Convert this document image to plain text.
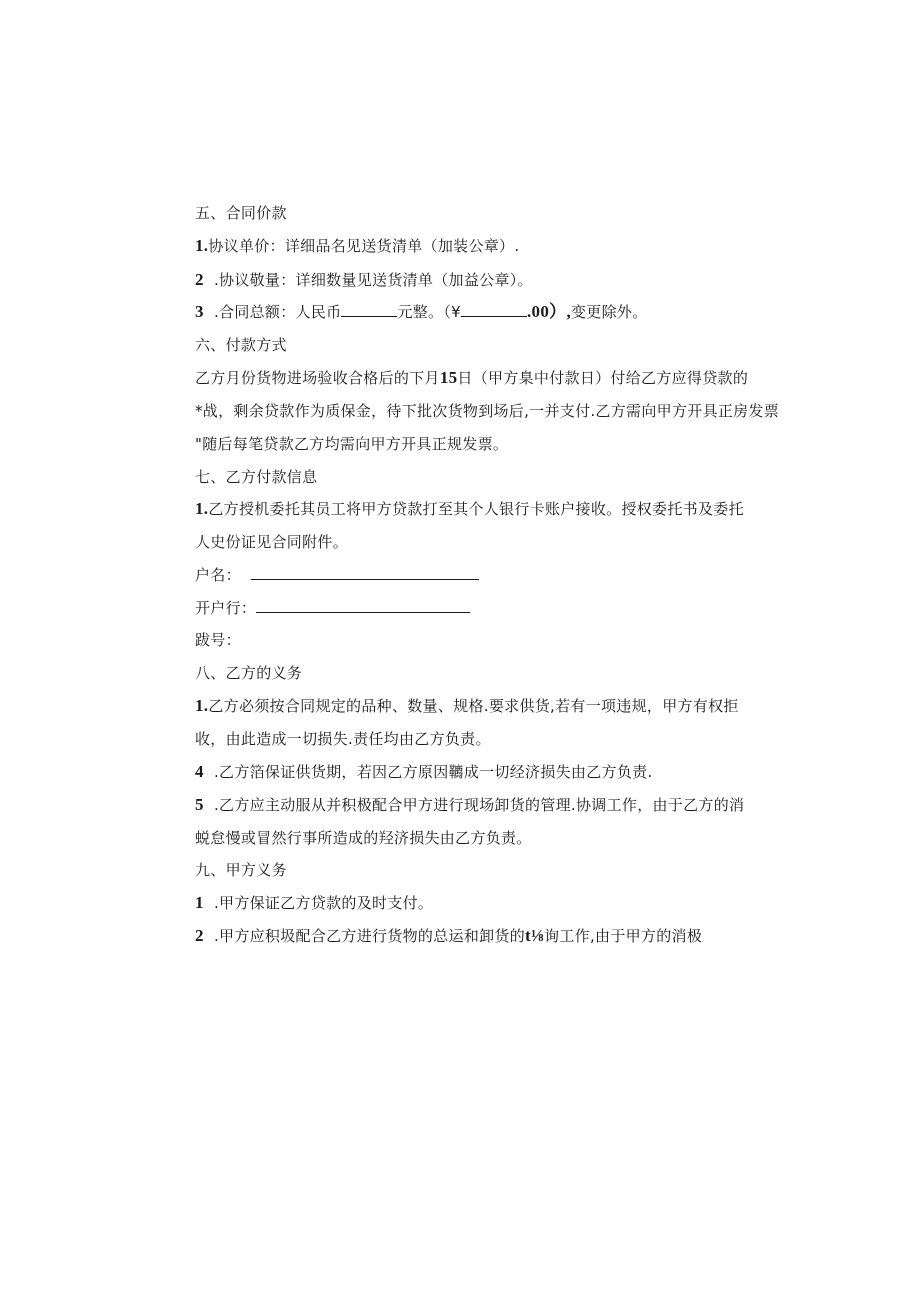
五、合同价款
1.协议单价：详细品名见送货清单（加装公章）.
2 .协议敬量：详细数量见送货清单（加益公章）。
3 .合同总额：人民币	元整。（¥	.00）,变更除外。
六、付款方式
乙方月份货物进场验收合格后的下月15日（甲方臬中付款日）付给乙方应得贷款的
*战，剩余贷款作为质保金，待下批次货物到场后,一并支付.乙方需向甲方开具正房发票
"随后每笔贷款乙方均需向甲方开具正规发票。
七、乙方付款信息
1.乙方授机委托其员工将甲方贷款打至其个人银行卡账户接收。授权委托书及委托
人史份证见合同附件。
户名：
开户行：
跋号：
八、乙方的义务
1.乙方必须按合同规定的品种、数量、规格.要求供货,若有一项违规，甲方有权拒
收，由此造成一切损失.责任均由乙方负责。
4 .乙方箔保证供货期，若因乙方原因韀成一切经济损失由乙方负责.
5 .乙方应主动服从并积极配合甲方进行现场卸货的管理.协调工作，由于乙方的消
蜕怠慢或冒然行事所造成的羟济损失由乙方负责。
九、甲方义务
1 .甲方保证乙方贷款的及时支付。
2 .甲方应积圾配合乙方进行货物的总运和卸货的t⅛询工作,由于甲方的消极
